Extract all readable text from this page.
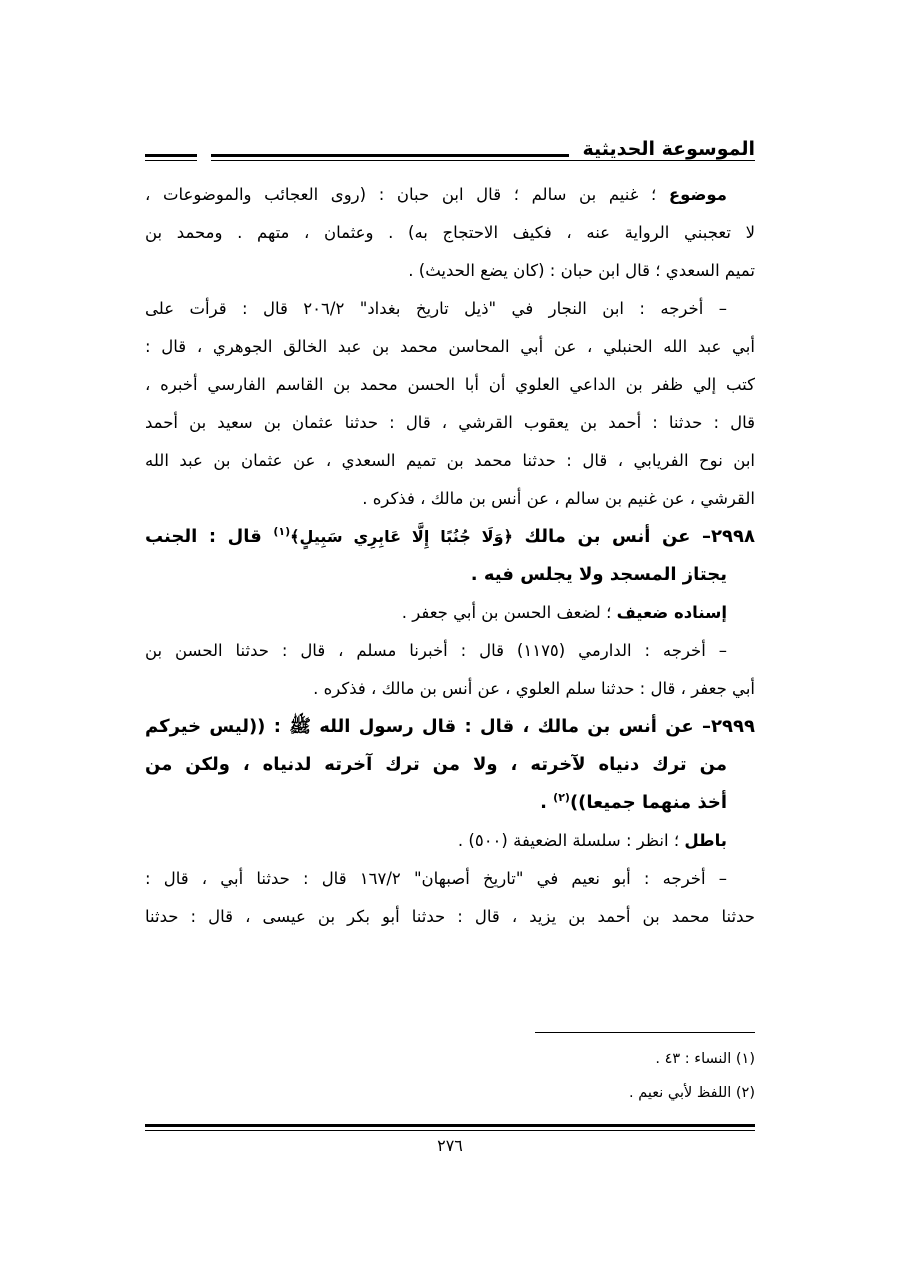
الموسوعة الحديثية
موضوع ؛ غنيم بن سالم ؛ قال ابن حبان : (روى العجائب والموضوعات ،
لا تعجبني الرواية عنه ، فكيف الاحتجاج به) . وعثمان ، متهم . ومحمد بن
تميم السعدي ؛ قال ابن حبان : (كان يضع الحديث) .
– أخرجه : ابن النجار في "ذيل تاريخ بغداد" ٢٠٦/٢ قال : قرأت على
أبي عبد الله الحنبلي ، عن أبي المحاسن محمد بن عبد الخالق الجوهري ، قال :
كتب إلي ظفر بن الداعي العلوي أن أبا الحسن محمد بن القاسم الفارسي أخبره ،
قال : حدثنا : أحمد بن يعقوب القرشي ، قال : حدثنا عثمان بن سعيد بن أحمد
ابن نوح الفريابي ، قال : حدثنا محمد بن تميم السعدي ، عن عثمان بن عبد الله
القرشي ، عن غنيم بن سالم ، عن أنس بن مالك ، فذكره .
٢٩٩٨– عن أنس بن مالك ﴿وَلَا جُنُبًا إِلَّا عَابِرِي سَبِيلٍ﴾$^{(١)}$ قال : الجنب
يجتاز المسجد ولا يجلس فيه .
إسناده ضعيف ؛ لضعف الحسن بن أبي جعفر .
– أخرجه : الدارمي (١١٧٥) قال : أخبرنا مسلم ، قال : حدثنا الحسن بن
أبي جعفر ، قال : حدثنا سلم العلوي ، عن أنس بن مالك ، فذكره .
٢٩٩٩– عن أنس بن مالك ، قال : قال رسول الله ﷺ : ((ليس خيركم
من ترك دنياه لآخرته ، ولا من ترك آخرته لدنياه ، ولكن من
أخذ منهما جميعا))$^{(٢)}$ .
باطل ؛ انظر : سلسلة الضعيفة (٥٠٠) .
– أخرجه : أبو نعيم في "تاريخ أصبهان" ١٦٧/٢ قال : حدثنا أبي ، قال :
حدثنا محمد بن أحمد بن يزيد ، قال : حدثنا أبو بكر بن عيسى ، قال : حدثنا
(١) النساء : ٤٣ .
(٢) اللفظ لأبي نعيم .
٢٧٦
